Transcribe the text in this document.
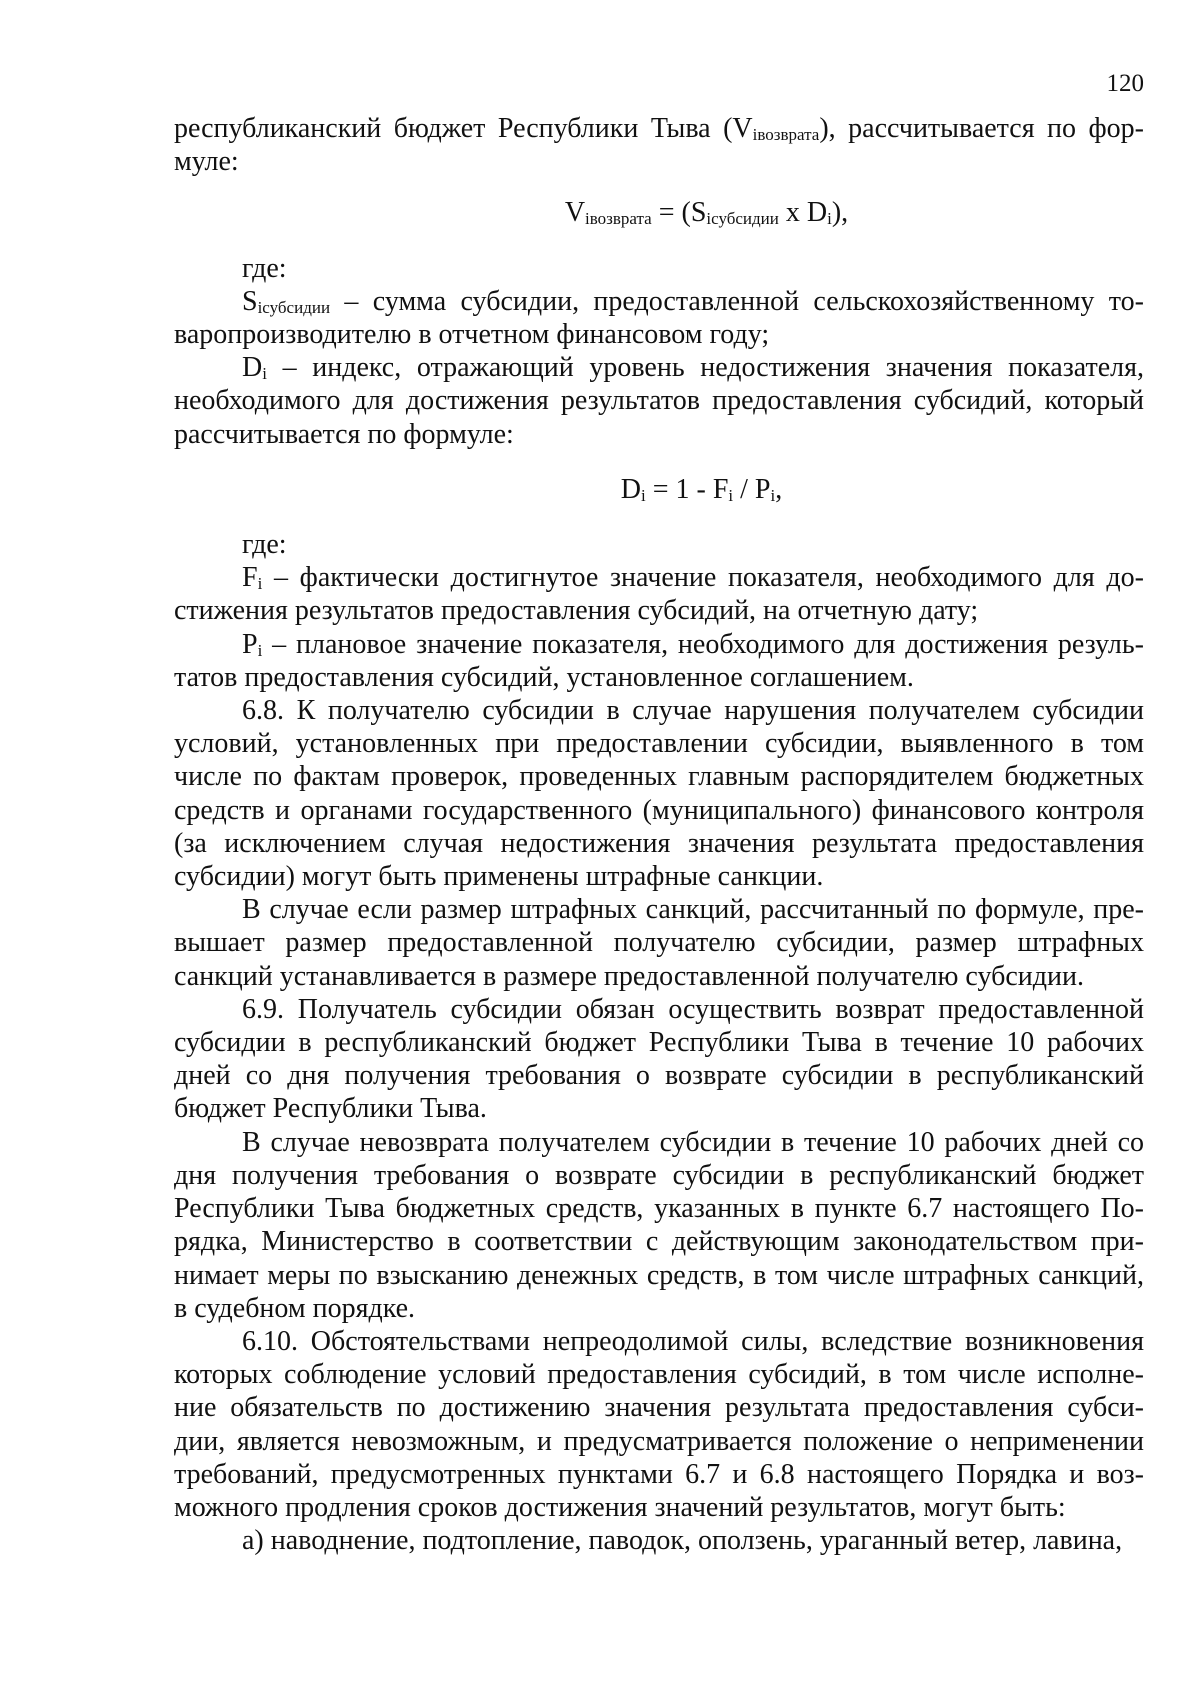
120

республиканский бюджет Республики Тыва $(V_{iвозврата})$, рассчитывается по фор-муле:

$V_{iвозврата} = (S_{iсубсидии}$ x $D_i$),

где:

$S_{iсубсидии}$ – сумма субсидии, предоставленной сельскохозяйственному то-варопроизводителю в отчетном финансовом году;

$D_i$ – индекс, отражающий уровень недостижения значения показателя, необходимого для достижения результатов предоставления субсидий, который рассчитывается по формуле:

$D_i = 1 - F_i / P_i$,

где:

$F_i$ – фактически достигнутое значение показателя, необходимого для до-стижения результатов предоставления субсидий, на отчетную дату;

$P_i$ – плановое значение показателя, необходимого для достижения резуль-татов предоставления субсидий, установленное соглашением.

6.8. К получателю субсидии в случае нарушения получателем субсидии условий, установленных при предоставлении субсидии, выявленного в том числе по фактам проверок, проведенных главным распорядителем бюджетных средств и органами государственного (муниципального) финансового контроля (за исключением случая недостижения значения результата предоставления субсидии) могут быть применены штрафные санкции.

В случае если размер штрафных санкций, рассчитанный по формуле, пре-вышает размер предоставленной получателю субсидии, размер штрафных санкций устанавливается в размере предоставленной получателю субсидии.

6.9. Получатель субсидии обязан осуществить возврат предоставленной субсидии в республиканский бюджет Республики Тыва в течение 10 рабочих дней со дня получения требования о возврате субсидии в республиканский бюджет Республики Тыва.

В случае невозврата получателем субсидии в течение 10 рабочих дней со дня получения требования о возврате субсидии в республиканский бюджет Республики Тыва бюджетных средств, указанных в пункте 6.7 настоящего По-рядка, Министерство в соответствии с действующим законодательством при-нимает меры по взысканию денежных средств, в том числе штрафных санкций, в судебном порядке.

6.10. Обстоятельствами непреодолимой силы, вследствие возникновения которых соблюдение условий предоставления субсидий, в том числе исполне-ние обязательств по достижению значения результата предоставления субси-дии, является невозможным, и предусматривается положение о неприменении требований, предусмотренных пунктами 6.7 и 6.8 настоящего Порядка и воз-можного продления сроков достижения значений результатов, могут быть:

а) наводнение, подтопление, паводок, оползень, ураганный ветер, лавина,
